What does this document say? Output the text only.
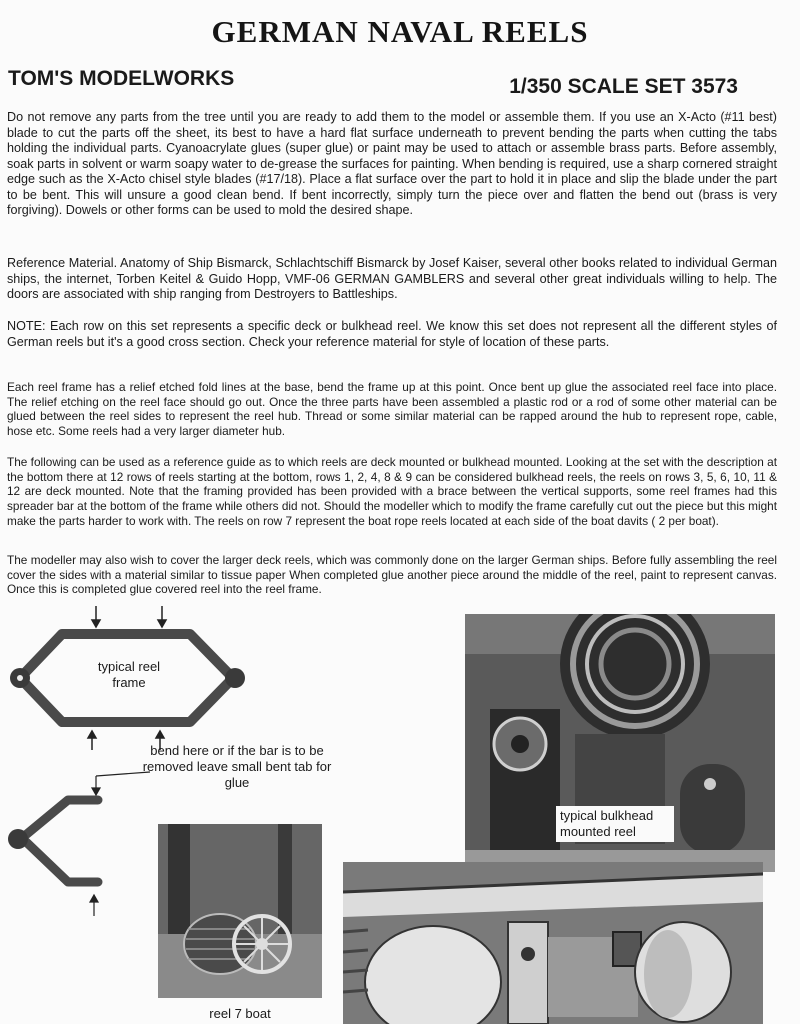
GERMAN NAVAL REELS
TOM'S MODELWORKS	1/350 SCALE SET 3573

Do not remove any parts from the tree until you are ready to add them to the model or assemble them. If you use an X-Acto (#11 best) blade to cut the parts off the sheet, its best to have a hard flat surface underneath to prevent bending the parts when cutting the tabs holding the individual parts. Cyanoacrylate glues (super glue) or paint may be used to attach or assemble brass parts. Before assembly, soak parts in solvent or warm soapy water to de-grease the surfaces for painting. When bending is required, use a sharp cornered straight edge such as the X-Acto chisel style blades (#17/18). Place a flat surface over the part to hold it in place and slip the blade under the part to be bent. This will unsure a good clean bend. If bent incorrectly, simply turn the piece over and flatten the bend out (brass is very forgiving). Dowels or other forms can be used to mold the desired shape.

Reference Material. Anatomy of Ship Bismarck, Schlachtschiff Bismarck by Josef Kaiser, several other books related to individual German ships, the internet, Torben Keitel & Guido Hopp, VMF-06 GERMAN GAMBLERS and several other great individuals willing to help. The doors are associated with ship ranging from Destroyers to Battleships.

NOTE: Each row on this set represents a specific deck or bulkhead reel. We know this set does not represent all the different styles of German reels but it's a good cross section. Check your reference material for style of location of these parts.

Each reel frame has a relief etched fold lines at the base, bend the frame up at this point. Once bent up glue the associated reel face into place. The relief etching on the reel face should go out. Once the three parts have been assembled a plastic rod or a rod of some other material can be glued between the reel sides to represent the reel hub. Thread or some similar material can be rapped around the hub to represent rope, cable, hose etc. Some reels had a very larger diameter hub.

The following can be used as a reference guide as to which reels are deck mounted or bulkhead mounted. Looking at the set with the description at the bottom there at 12 rows of reels starting at the bottom, rows 1, 2, 4, 8 & 9 can be considered bulkhead reels, the reels on rows 3, 5, 6, 10, 11 & 12 are deck mounted. Note that the framing provided has been provided with a brace between the vertical supports, some reel frames had this spreader bar at the bottom of the frame while others did not. Should the modeller which to modify the frame carefully cut out the piece but this might make the parts harder to work with. The reels on row 7 represent the boat rope reels located at each side of the boat davits ( 2 per boat).

The modeller may also wish to cover the larger deck reels, which was commonly done on the larger German ships. Before fully assembling the reel cover the sides with a material similar to tissue paper When completed glue another piece around the middle of the reel, paint to represent canvas. Once this is completed glue covered reel into the reel frame.

typical reel frame
bend here or if the bar is to be removed leave small bent tab for glue
typical bulkhead mounted reel
reel 7 boat
